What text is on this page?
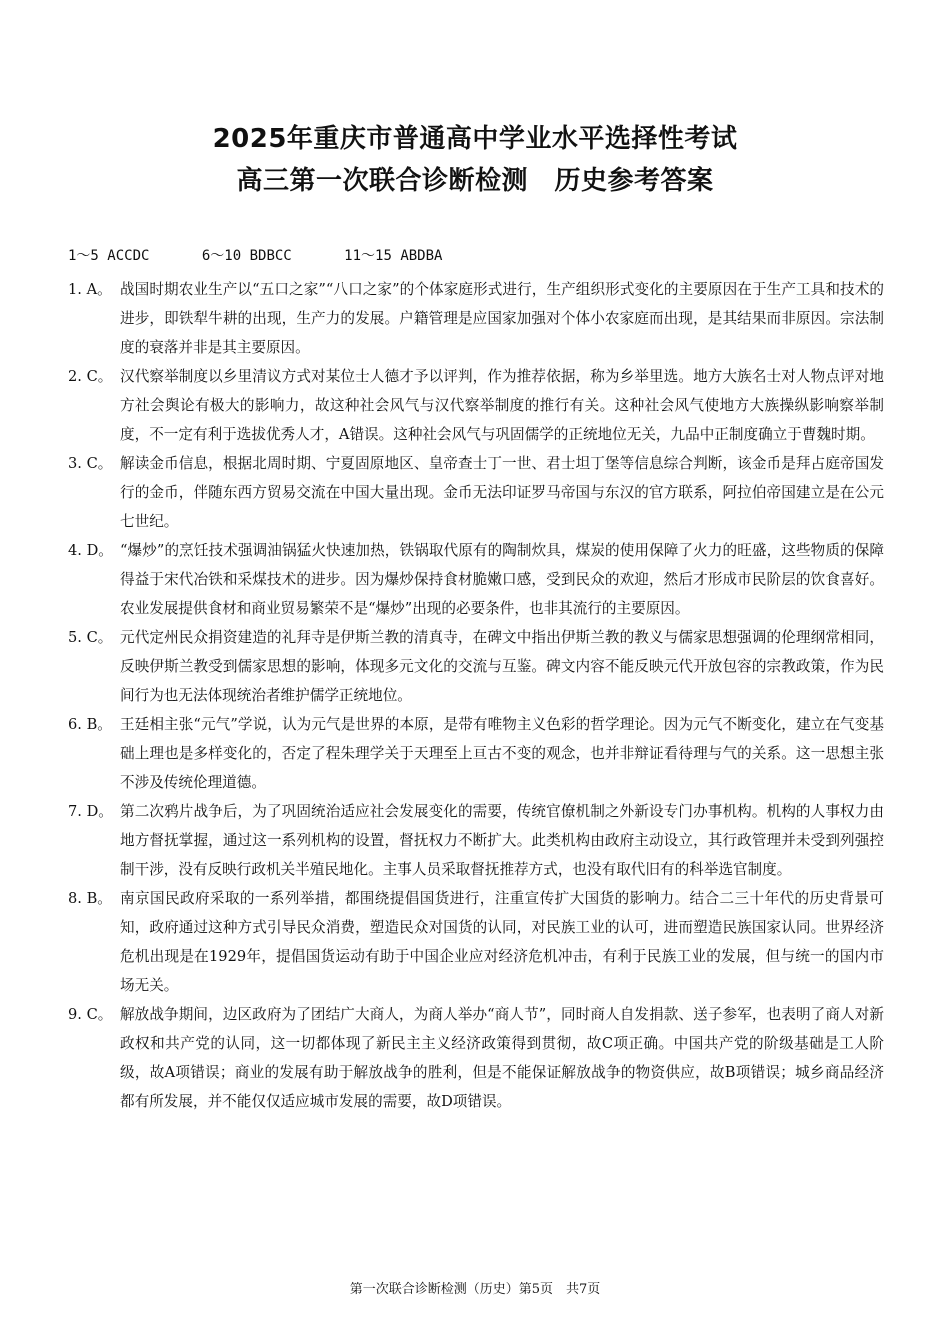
2025年重庆市普通高中学业水平选择性考试
高三第一次联合诊断检测　历史参考答案
1～5 ACCDC	6～10 BDBCC	11～15 ABDBA
1. A。 战国时期农业生产以“五口之家”“八口之家”的个体家庭形式进行，生产组织形式变化的主要原因在于生产工具和技术的进步，即铁犁牛耕的出现，生产力的发展。户籍管理是应国家加强对个体小农家庭而出现，是其结果而非原因。宗法制度的衰落并非是其主要原因。
2. C。 汉代察举制度以乡里清议方式对某位士人德才予以评判，作为推荐依据，称为乡举里选。地方大族名士对人物点评对地方社会舆论有极大的影响力，故这种社会风气与汉代察举制度的推行有关。这种社会风气使地方大族操纵影响察举制度，不一定有利于选拔优秀人才，A错误。这种社会风气与巩固儒学的正统地位无关，九品中正制度确立于曹魏时期。
3. C。 解读金币信息，根据北周时期、宁夏固原地区、皇帝查士丁一世、君士坦丁堡等信息综合判断，该金币是拜占庭帝国发行的金币，伴随东西方贸易交流在中国大量出现。金币无法印证罗马帝国与东汉的官方联系，阿拉伯帝国建立是在公元七世纪。
4. D。 “爆炒”的烹饪技术强调油锅猛火快速加热，铁锅取代原有的陶制炊具，煤炭的使用保障了火力的旺盛，这些物质的保障得益于宋代冶铁和采煤技术的进步。因为爆炒保持食材脆嫩口感，受到民众的欢迎，然后才形成市民阶层的饮食喜好。农业发展提供食材和商业贸易繁荣不是“爆炒”出现的必要条件，也非其流行的主要原因。
5. C。 元代定州民众捐资建造的礼拜寺是伊斯兰教的清真寺，在碑文中指出伊斯兰教的教义与儒家思想强调的伦理纲常相同，反映伊斯兰教受到儒家思想的影响，体现多元文化的交流与互鉴。碑文内容不能反映元代开放包容的宗教政策，作为民间行为也无法体现统治者维护儒学正统地位。
6. B。 王廷相主张“元气”学说，认为元气是世界的本原，是带有唯物主义色彩的哲学理论。因为元气不断变化，建立在气变基础上理也是多样变化的，否定了程朱理学关于天理至上亘古不变的观念，也并非辩证看待理与气的关系。这一思想主张不涉及传统伦理道德。
7. D。 第二次鸦片战争后，为了巩固统治适应社会发展变化的需要，传统官僚机制之外新设专门办事机构。机构的人事权力由地方督抚掌握，通过这一系列机构的设置，督抚权力不断扩大。此类机构由政府主动设立，其行政管理并未受到列强控制干涉，没有反映行政机关半殖民地化。主事人员采取督抚推荐方式，也没有取代旧有的科举选官制度。
8. B。 南京国民政府采取的一系列举措，都围绕提倡国货进行，注重宣传扩大国货的影响力。结合二三十年代的历史背景可知，政府通过这种方式引导民众消费，塑造民众对国货的认同，对民族工业的认可，进而塑造民族国家认同。世界经济危机出现是在1929年，提倡国货运动有助于中国企业应对经济危机冲击，有利于民族工业的发展，但与统一的国内市场无关。
9. C。 解放战争期间，边区政府为了团结广大商人，为商人举办“商人节”，同时商人自发捐款、送子参军，也表明了商人对新政权和共产党的认同，这一切都体现了新民主主义经济政策得到贯彻，故C项正确。中国共产党的阶级基础是工人阶级，故A项错误；商业的发展有助于解放战争的胜利，但是不能保证解放战争的物资供应，故B项错误；城乡商品经济都有所发展，并不能仅仅适应城市发展的需要，故D项错误。
第一次联合诊断检测（历史）第5页　共7页
